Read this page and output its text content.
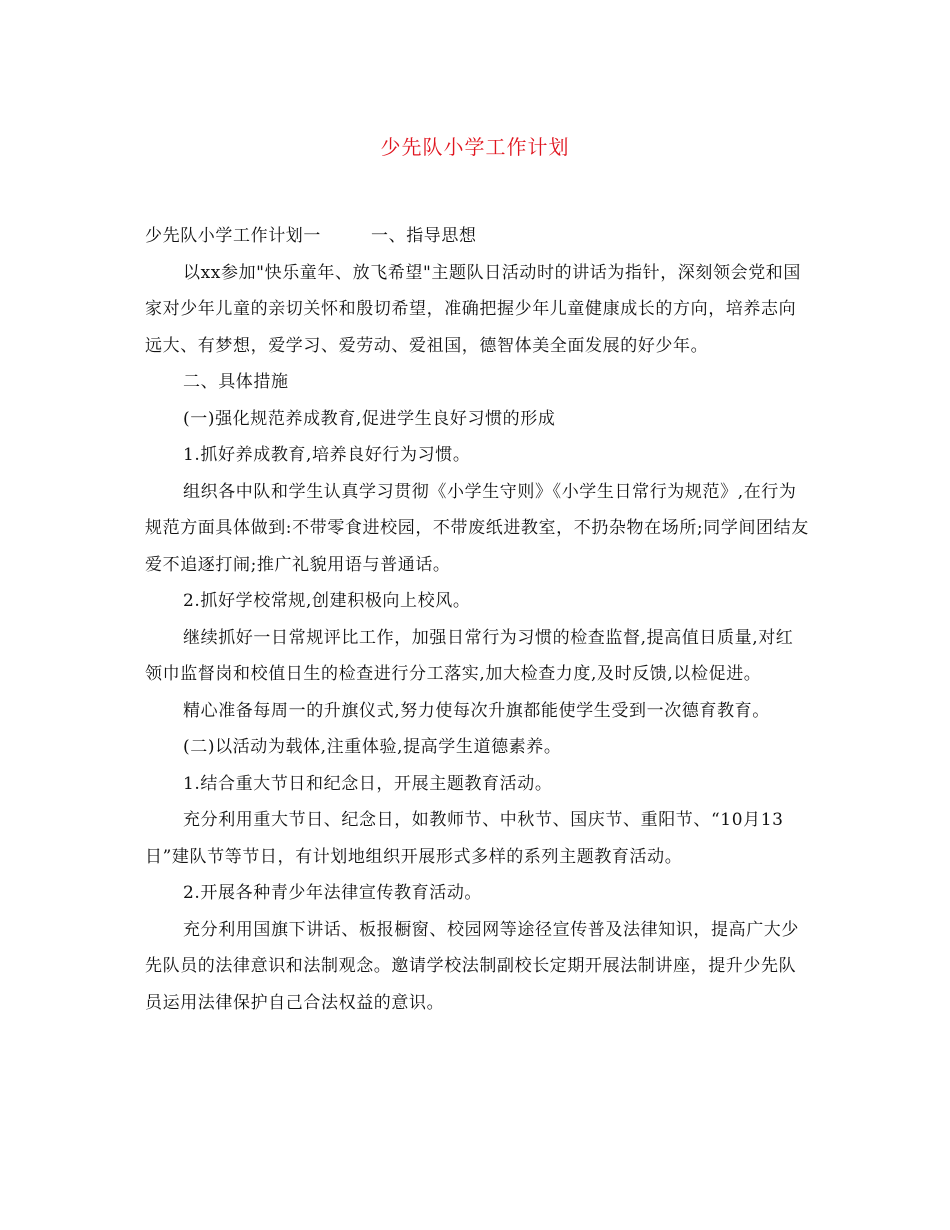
少先队小学工作计划

少先队小学工作计划一	一、指导思想

以xx参加"快乐童年、放飞希望"主题队日活动时的讲话为指针，深刻领会党和国家对少年儿童的亲切关怀和殷切希望，准确把握少年儿童健康成长的方向，培养志向远大、有梦想，爱学习、爱劳动、爱祖国，德智体美全面发展的好少年。

二、具体措施

(一)强化规范养成教育,促进学生良好习惯的形成

1.抓好养成教育,培养良好行为习惯。

组织各中队和学生认真学习贯彻《小学生守则》《小学生日常行为规范》,在行为规范方面具体做到:不带零食进校园，不带废纸进教室，不扔杂物在场所;同学间团结友爱不追逐打闹;推广礼貌用语与普通话。

2.抓好学校常规,创建积极向上校风。

继续抓好一日常规评比工作，加强日常行为习惯的检查监督,提高值日质量,对红领巾监督岗和校值日生的检查进行分工落实,加大检查力度,及时反馈,以检促进。

精心准备每周一的升旗仪式,努力使每次升旗都能使学生受到一次德育教育。

(二)以活动为载体,注重体验,提高学生道德素养。

1.结合重大节日和纪念日，开展主题教育活动。

充分利用重大节日、纪念日，如教师节、中秋节、国庆节、重阳节、“10月13日”建队节等节日，有计划地组织开展形式多样的系列主题教育活动。

2.开展各种青少年法律宣传教育活动。

充分利用国旗下讲话、板报橱窗、校园网等途径宣传普及法律知识，提高广大少先队员的法律意识和法制观念。邀请学校法制副校长定期开展法制讲座，提升少先队员运用法律保护自己合法权益的意识。
